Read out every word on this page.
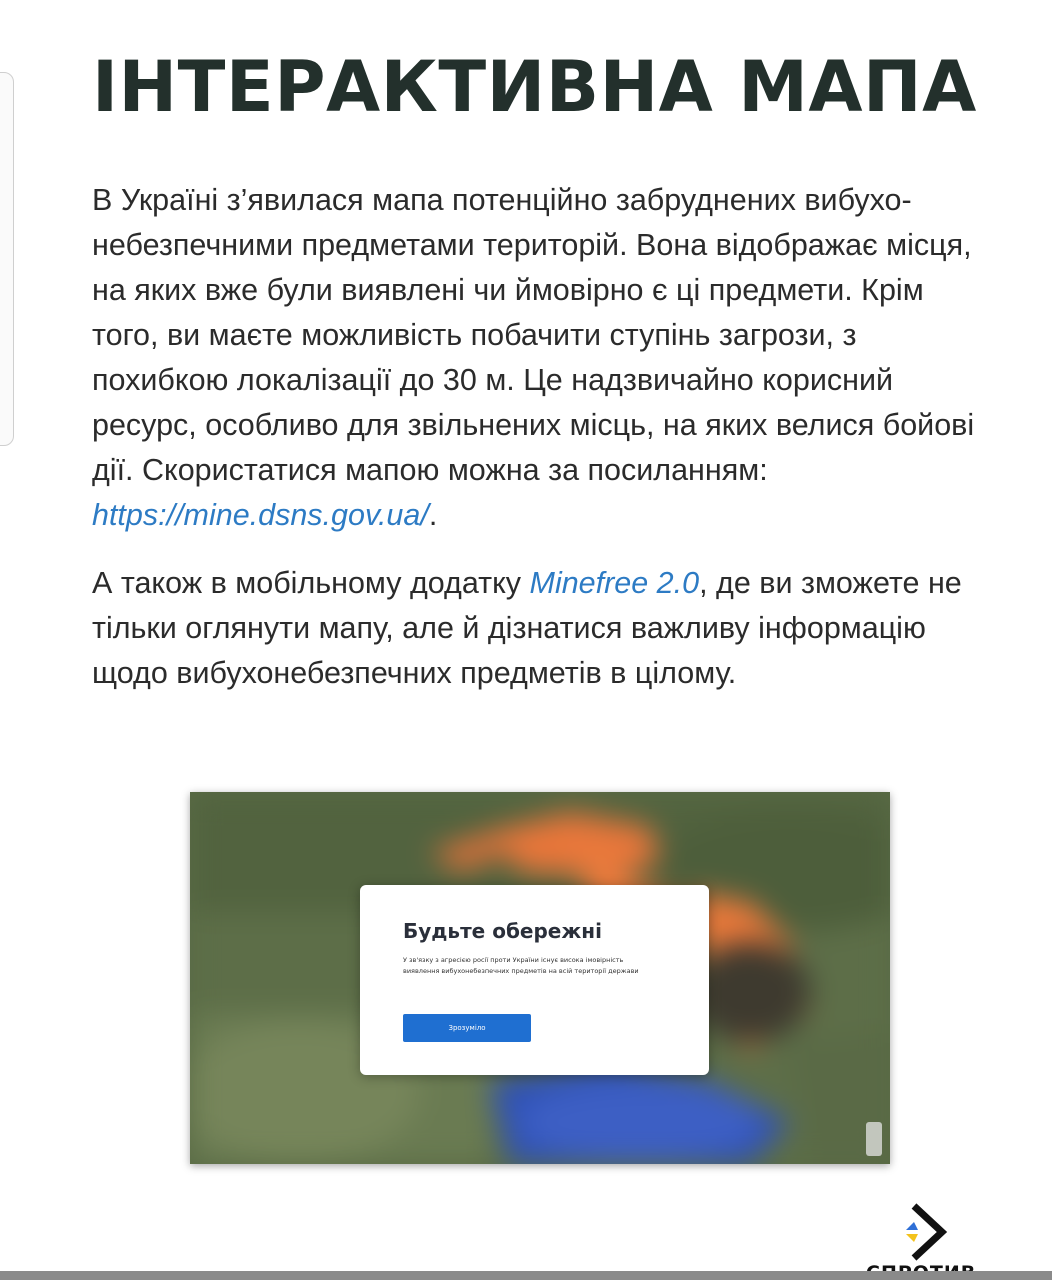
ІНТЕРАКТИВНА МАПА

В Україні з’явилася мапа потенційно забруднених вибухонебезпечними предметами територій. Вона відображає місця, на яких вже були виявлені чи ймовірно є ці предмети. Крім того, ви маєте можливість побачити ступінь загрози, з похибкою локалізації до 30 м. Це надзвичайно корисний ресурс, особливо для звільнених місць, на яких велися бойові дії. Скористатися мапою можна за посиланням: https://mine.dsns.gov.ua/.

А також в мобільному додатку Minefree 2.0, де ви зможете не тільки оглянути мапу, але й дізнатися важливу інформацію щодо вибухонебезпечних предметів в цілому.

Будьте обережні

У зв'язку з агресією росії проти України існує висока імовірність виявлення вибухонебезпечних предметів на всій території держави

Зрозуміло
